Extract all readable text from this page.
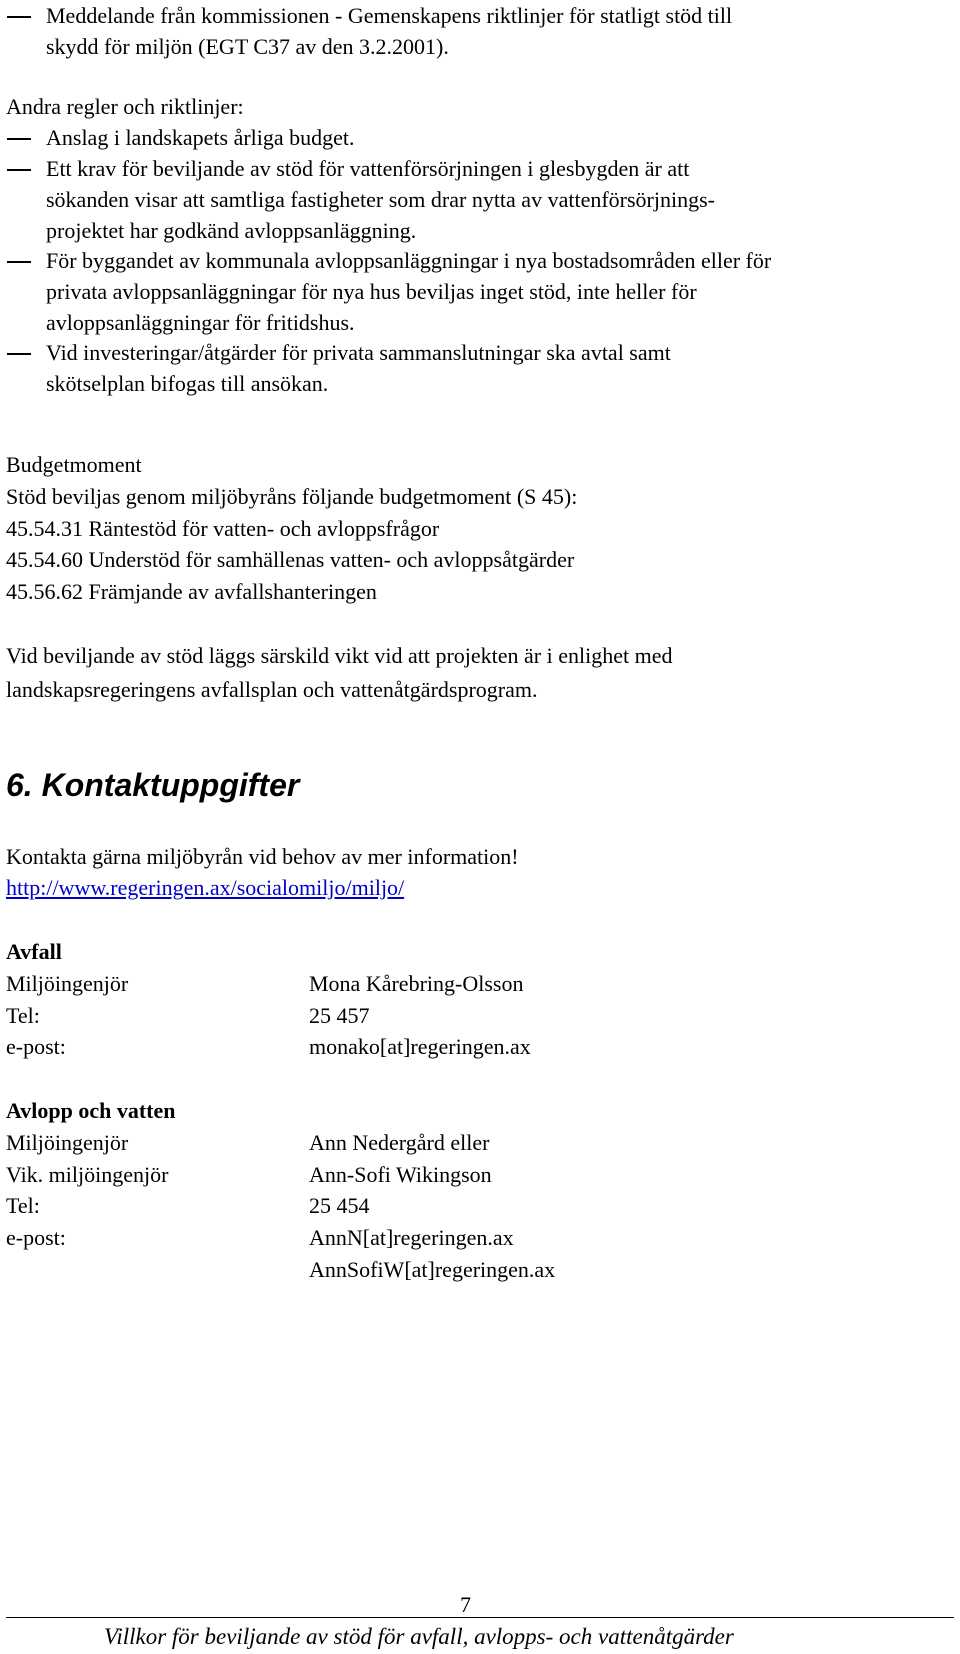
Meddelande från kommissionen - Gemenskapens riktlinjer för statligt stöd till
skydd för miljön (EGT C37 av den 3.2.2001).
Andra regler och riktlinjer:
Anslag i landskapets årliga budget.
Ett krav för beviljande av stöd för vattenförsörjningen i glesbygden är att
sökanden visar att samtliga fastigheter som drar nytta av vattenförsörjnings-
projektet har godkänd avloppsanläggning.
För byggandet av kommunala avloppsanläggningar i nya bostadsområden eller för
privata avloppsanläggningar för nya hus beviljas inget stöd, inte heller för
avloppsanläggningar för fritidshus.
Vid investeringar/åtgärder för privata sammanslutningar ska avtal samt
skötselplan bifogas till ansökan.
Budgetmoment
Stöd beviljas genom miljöbyråns följande budgetmoment (S 45):
45.54.31 Räntestöd för vatten- och avloppsfrågor
45.54.60 Understöd för samhällenas vatten- och avloppsåtgärder
45.56.62 Främjande av avfallshanteringen
Vid beviljande av stöd läggs särskild vikt vid att projekten är i enlighet med
landskapsregeringens avfallsplan och vattenåtgärdsprogram.
6. Kontaktuppgifter
Kontakta gärna miljöbyrån vid behov av mer information!
http://www.regeringen.ax/socialomiljo/miljo/
Avfall
Miljöingenjör	Mona Kårebring-Olsson
Tel:	25 457
e-post:	monako[at]regeringen.ax
Avlopp och vatten
Miljöingenjör	Ann Nedergård eller
Vik. miljöingenjör	Ann-Sofi Wikingson
Tel:	25 454
e-post:	AnnN[at]regeringen.ax
AnnSofiW[at]regeringen.ax
7
Villkor för beviljande av stöd för avfall, avlopps- och vattenåtgärder
